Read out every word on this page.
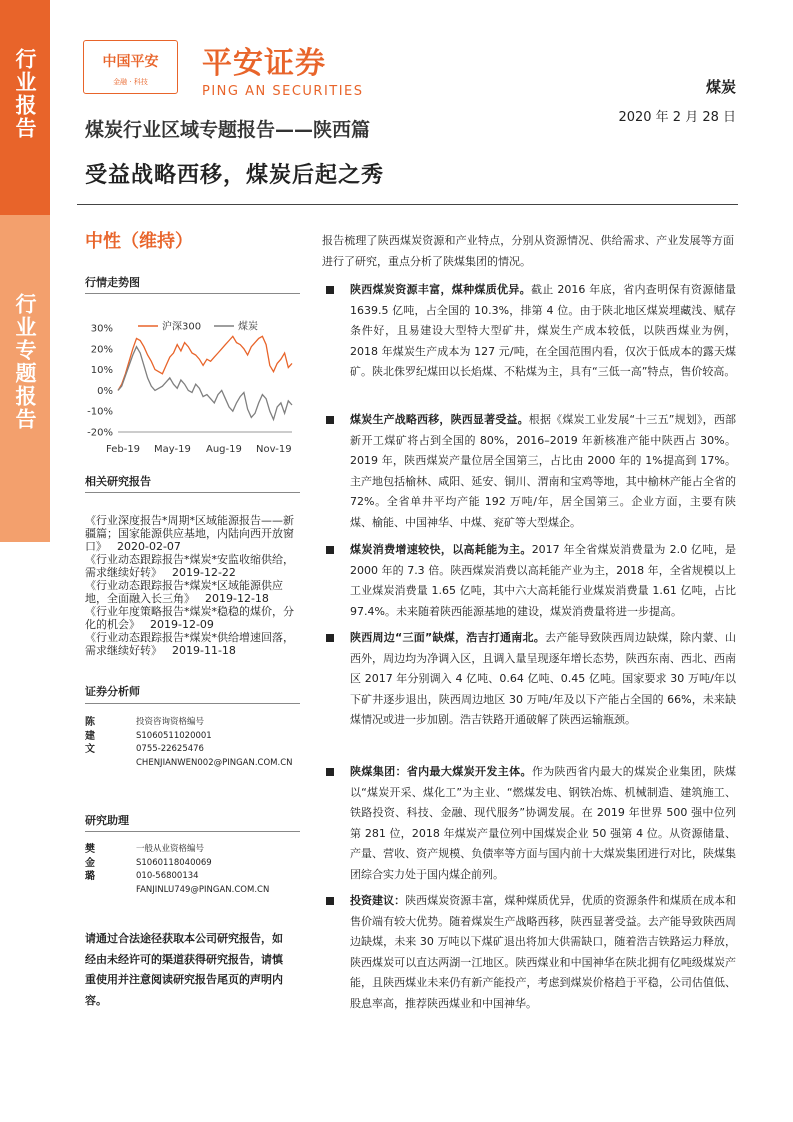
行业报告
行业专题报告
中国平安
金融 · 科技
平安证券
PING AN SECURITIES	煤炭
2020 年 2 月 28 日
煤炭行业区域专题报告——陕西篇
受益战略西移，煤炭后起之秀
中性（维持）
行情走势图
30%
20%
10%
0%
-10%
-20%
Feb-19 May-19 Aug-19 Nov-19
沪深300	煤炭
相关研究报告
《行业深度报告*周期*区域能源报告——新疆篇；国家能源供应基地，内陆向西开放窗口》 2020-02-07
《行业动态跟踪报告*煤炭*安监收缩供给，需求继续好转》 2019-12-22
《行业动态跟踪报告*煤炭*区域能源供应地，全面融入长三角》 2019-12-18
《行业年度策略报告*煤炭*稳稳的煤价，分化的机会》 2019-12-09
《行业动态跟踪报告*煤炭*供给增速回落，需求继续好转》 2019-11-18
证券分析师
陈建文
投资咨询资格编号
S1060511020001
0755-22625476
CHENJIANWEN002@PINGAN.COM.CN
研究助理
樊金璐
一般从业资格编号
S1060118040069
010-56800134
FANJINLU749@PINGAN.COM.CN
请通过合法途径获取本公司研究报告，如经由未经许可的渠道获得研究报告，请慎重使用并注意阅读研究报告尾页的声明内容。
报告梳理了陕西煤炭资源和产业特点，分别从资源情况、供给需求、产业发展等方面进行了研究，重点分析了陕煤集团的情况。
陕西煤炭资源丰富，煤种煤质优异。截止 2016 年底，省内查明保有资源储量 1639.5 亿吨，占全国的 10.3%，排第 4 位。由于陕北地区煤炭埋藏浅、赋存条件好，且易建设大型特大型矿井，煤炭生产成本较低，以陕西煤业为例，2018 年煤炭生产成本为 127 元/吨，在全国范围内看，仅次于低成本的露天煤矿。陕北侏罗纪煤田以长焰煤、不粘煤为主，具有“三低一高”特点，售价较高。
煤炭生产战略西移，陕西显著受益。根据《煤炭工业发展“十三五”规划》，西部新开工煤矿将占到全国的 80%，2016–2019 年新核准产能中陕西占 30%。2019 年，陕西煤炭产量位居全国第三，占比由 2000 年的 1%提高到 17%。主产地包括榆林、咸阳、延安、铜川、渭南和宝鸡等地，其中榆林产能占全省的 72%。全省单井平均产能 192 万吨/年，居全国第三。企业方面，主要有陕煤、榆能、中国神华、中煤、兖矿等大型煤企。
煤炭消费增速较快，以高耗能为主。2017 年全省煤炭消费量为 2.0 亿吨，是 2000 年的 7.3 倍。陕西煤炭消费以高耗能产业为主，2018 年，全省规模以上工业煤炭消费量 1.65 亿吨，其中六大高耗能行业煤炭消费量 1.61 亿吨，占比 97.4%。未来随着陕西能源基地的建设，煤炭消费量将进一步提高。
陕西周边“三面”缺煤，浩吉打通南北。去产能导致陕西周边缺煤，除内蒙、山西外，周边均为净调入区，且调入量呈现逐年增长态势，陕西东南、西北、西南区 2017 年分别调入 4 亿吨、0.64 亿吨、0.45 亿吨。国家要求 30 万吨/年以下矿井逐步退出，陕西周边地区 30 万吨/年及以下产能占全国的 66%，未来缺煤情况或进一步加剧。浩吉铁路开通破解了陕西运输瓶颈。
陕煤集团：省内最大煤炭开发主体。作为陕西省内最大的煤炭企业集团，陕煤以“煤炭开采、煤化工”为主业、“燃煤发电、钢铁冶炼、机械制造、建筑施工、铁路投资、科技、金融、现代服务”协调发展。在 2019 年世界 500 强中位列第 281 位，2018 年煤炭产量位列中国煤炭企业 50 强第 4 位。从资源储量、产量、营收、资产规模、负债率等方面与国内前十大煤炭集团进行对比，陕煤集团综合实力处于国内煤企前列。
投资建议：陕西煤炭资源丰富，煤种煤质优异，优质的资源条件和煤质在成本和售价端有较大优势。随着煤炭生产战略西移，陕西显著受益。去产能导致陕西周边缺煤，未来 30 万吨以下煤矿退出将加大供需缺口，随着浩吉铁路运力释放，陕西煤炭可以直达两湖一江地区。陕西煤业和中国神华在陕北拥有亿吨级煤炭产能，且陕西煤业未来仍有新产能投产，考虑到煤炭价格趋于平稳，公司估值低、股息率高，推荐陕西煤业和中国神华。
